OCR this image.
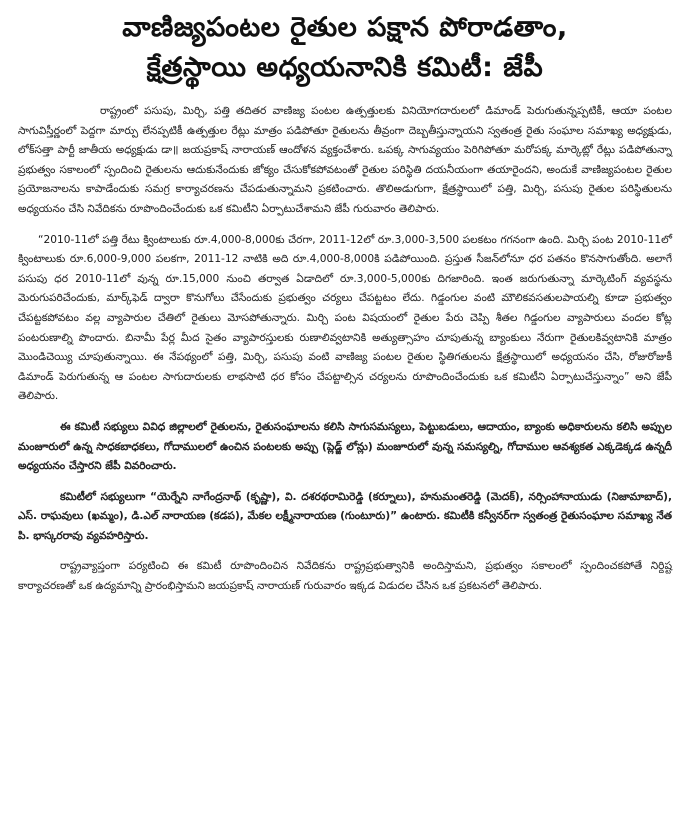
వాణిజ్యపంటల రైతుల పక్షాన పోరాడతాం,
క్షేత్రస్థాయి అధ్యయనానికి కమిటీ: జేపీ

రాష్ట్రంలో పసుపు, మిర్చి, పత్తి తదితర వాణిజ్య పంటల ఉత్పత్తులకు వినియోగదారులలో డిమాండ్ పెరుగుతున్నప్పటికీ, ఆయా పంటల సాగువిస్తీర్ణంలో పెద్దగా మార్పు లేనప్పటికీ ఉత్పత్తుల రేట్లు మాత్రం పడిపోతూ రైతులను తీవ్రంగా దెబ్బతీస్తున్నాయని స్వతంత్ర రైతు సంఘాల సమాఖ్య అధ్యక్షుడు, లోక్‌సత్తా పార్టీ జాతీయ అధ్యక్షుడు డా॥ జయప్రకాష్ నారాయణ్ ఆందోళన వ్యక్తంచేశారు. ఒపక్క సాగువ్యయం పెరిగిపోతూ మరోపక్క మార్కెట్లో రేట్లు పడిపోతున్నా ప్రభుత్వం సకాలంలో స్పందించి రైతులను ఆదుకునేందుకు జోక్యం చేసుకోకపోవటంతో రైతుల పరిస్థితి దయనీయంగా తయారైందని, అందుకే వాణిజ్యపంటల రైతుల ప్రయోజనాలను కాపాడేందుకు సమగ్ర కార్యాచరణను చేపడుతున్నామని ప్రకటించారు. తొలిఅడుగుగా, క్షేత్రస్థాయిలో పత్తి, మిర్చి, పసుపు రైతుల పరిస్థితులను అధ్యయనం చేసి నివేదికను రూపొందించేందుకు ఒక కమిటీని ఏర్పాటుచేశామని జేపీ గురువారం తెలిపారు.

“2010-11లో పత్తి రేటు క్వింటాలుకు రూ.4,000-8,000కు చేరగా, 2011-12లో రూ.3,000-3,500 పలకటం గగనంగా ఉంది. మిర్చి పంట 2010-11లో క్వింటాలుకు రూ.6,000-9,000 పలకగా, 2011-12 నాటికి అది రూ.4,000-8,000కి పడిపోయింది. ప్రస్తుత సీజన్‌లోనూ ధర పతనం కొనసాగుతోంది. అలాగే పసుపు ధర 2010-11లో వున్న రూ.15,000 నుంచి తర్వాత ఏడాదిలో రూ.3,000-5,000కు దిగజారింది. ఇంత జరుగుతున్నా మార్కెటింగ్ వ్యవస్థను మెరుగుపరిచేందుకు, మార్క్‌ఫెడ్ ద్వారా కొనుగోలు చేసేందుకు ప్రభుత్వం చర్యలు చేపట్టటం లేదు. గిడ్డంగుల వంటి మౌలికవసతులపాయల్ని కూడా ప్రభుత్వం చేపట్టకపోవటం వల్ల వ్యాపారుల చేతిలో రైతులు మోసపోతున్నారు. మిర్చి పంట విషయంలో రైతుల పేరు చెప్పి శీతల గిడ్డంగుల వ్యాపారులు వందల కోట్ల పంటరుణాల్ని పొందారు. బినామీ పేర్ల మీద సైతం వ్యాపారస్తులకు రుణాలివ్వటానికి అత్యుత్సాహం చూపుతున్న బ్యాంకులు నేరుగా రైతులకివ్వటానికి మాత్రం మొండిచెయ్యి చూపుతున్నాయి. ఈ నేపథ్యంలో పత్తి, మిర్చి, పసుపు వంటి వాణిజ్య పంటల రైతుల స్థితిగతులను క్షేత్రస్థాయిలో అధ్యయనం చేసి, రోజురోజుకీ డిమాండ్ పెరుగుతున్న ఆ పంటల సాగుదారులకు లాభసాటి ధర కోసం చేపట్టాల్సిన చర్యలను రూపొందించేందుకు ఒక కమిటీని ఏర్పాటుచేస్తున్నాం” అని జేపీ తెలిపారు.

ఈ కమిటీ సభ్యులు వివిధ జిల్లాలలో రైతులను, రైతుసంఘాలను కలిసి సాగుసమస్యలు, పెట్టుబడులు, ఆదాయం, బ్యాంకు అధికారులను కలిసి అప్పుల మంజూరులో ఉన్న సాధకబాధకలు, గోదాములలో ఉంచిన పంటలకు అప్పు (ప్లెడ్జ్ లోన్లు) మంజూరులో వున్న సమస్యల్ని, గోదాముల ఆవశ్యకత ఎక్కడెక్కడ ఉన్నదీ అధ్యయనం చేస్తారని జేపీ వివరించారు.

కమిటీలో సభ్యులుగా “యెర్నేని నాగేంద్రనాథ్ (కృష్ణా), వి. దశరథరామిరెడ్డి (కర్నూలు), హనుమంతరెడ్డి (మెదక్), నర్సింహానాయుడు (నిజామాబాద్), ఎస్. రాఘవులు (ఖమ్మం), డి.ఎల్ నారాయణ (కడప), మేకల లక్ష్మీనారాయణ (గుంటూరు)” ఉంటారు. కమిటీకి కన్వీనర్‌గా స్వతంత్ర రైతుసంఘాల సమాఖ్య నేత పి. భాస్కరరావు వ్యవహరిస్తారు.

రాష్ట్రవ్యాప్తంగా పర్యటించి ఈ కమిటీ రూపొందించిన నివేదికను రాష్ట్రప్రభుత్వానికి అందిస్తామని, ప్రభుత్వం సకాలంలో స్పందించకపోతే నిర్దిష్ట కార్యాచరణతో ఒక ఉద్యమాన్ని ప్రారంభిస్తామని జయప్రకాష్ నారాయణ్ గురువారం ఇక్కడ విడుదల చేసిన ఒక ప్రకటనలో తెలిపారు.
